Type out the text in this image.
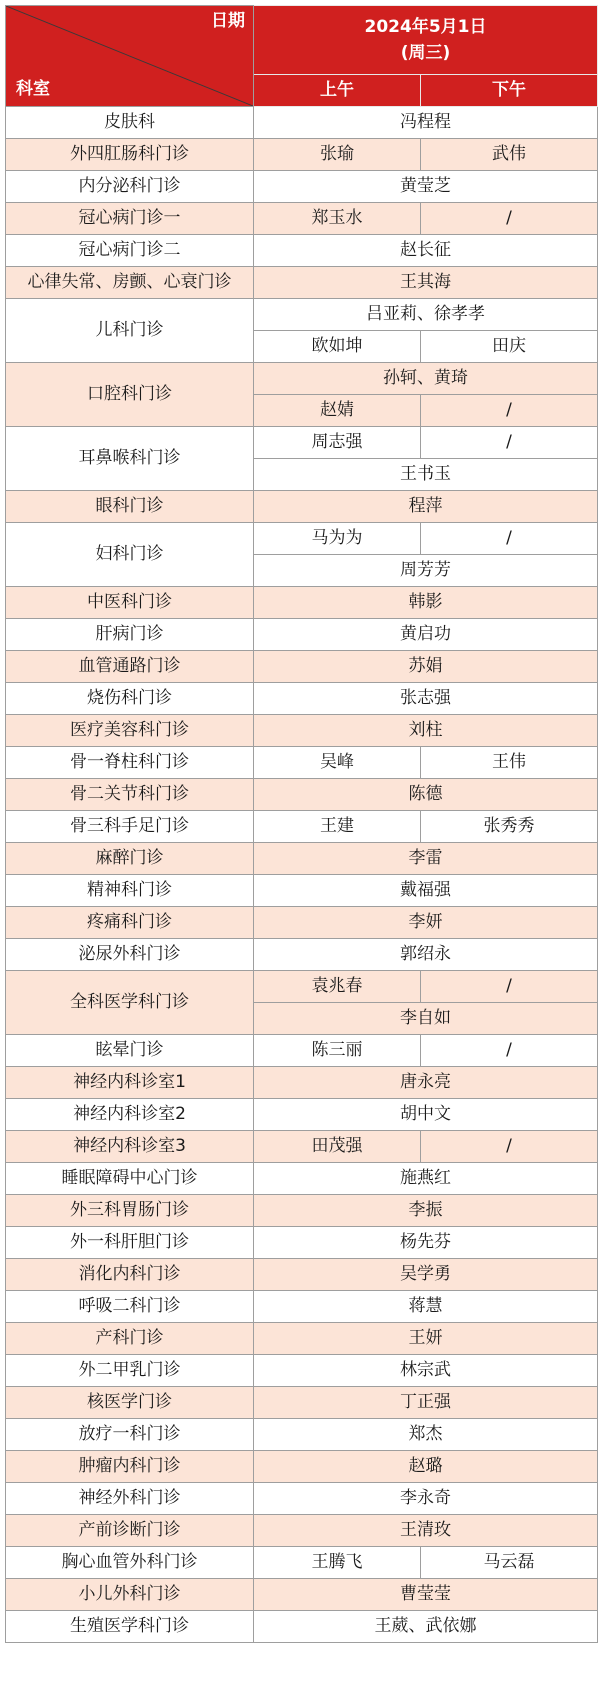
日期
科室	2024年5月1日
(周三)	

	上午	下午
皮肤科	冯程程	
外四肛肠科门诊	张瑜	武伟
内分泌科门诊	黄莹芝	
冠心病门诊一	郑玉水	/
冠心病门诊二	赵长征	
心律失常、房颤、心衰门诊	王其海	
儿科门诊	吕亚莉、徐孝孝	
	欧如坤	田庆
口腔科门诊	孙轲、黄琦	
	赵婧	/
耳鼻喉科门诊	周志强	/
	王书玉	
眼科门诊	程萍	
妇科门诊	马为为	/
	周芳芳	
中医科门诊	韩影	
肝病门诊	黄启功	
血管通路门诊	苏娟	
烧伤科门诊	张志强	
医疗美容科门诊	刘柱	
骨一脊柱科门诊	吴峰	王伟
骨二关节科门诊	陈德	
骨三科手足门诊	王建	张秀秀
麻醉门诊	李雷	
精神科门诊	戴福强	
疼痛科门诊	李妍	
泌尿外科门诊	郭绍永	
全科医学科门诊	袁兆春	/
	李自如	
眩晕门诊	陈三丽	/
神经内科诊室1	唐永亮	
神经内科诊室2	胡中文	
神经内科诊室3	田茂强	/
睡眠障碍中心门诊	施燕红	
外三科胃肠门诊	李振	
外一科肝胆门诊	杨先芬	
消化内科门诊	吴学勇	
呼吸二科门诊	蒋慧	
产科门诊	王妍	
外二甲乳门诊	林宗武	
核医学门诊	丁正强	
放疗一科门诊	郑杰	
肿瘤内科门诊	赵璐	
神经外科门诊	李永奇	
产前诊断门诊	王清玫	
胸心血管外科门诊	王腾飞	马云磊
小儿外科门诊	曹莹莹	
生殖医学科门诊	王葳、武依娜	
